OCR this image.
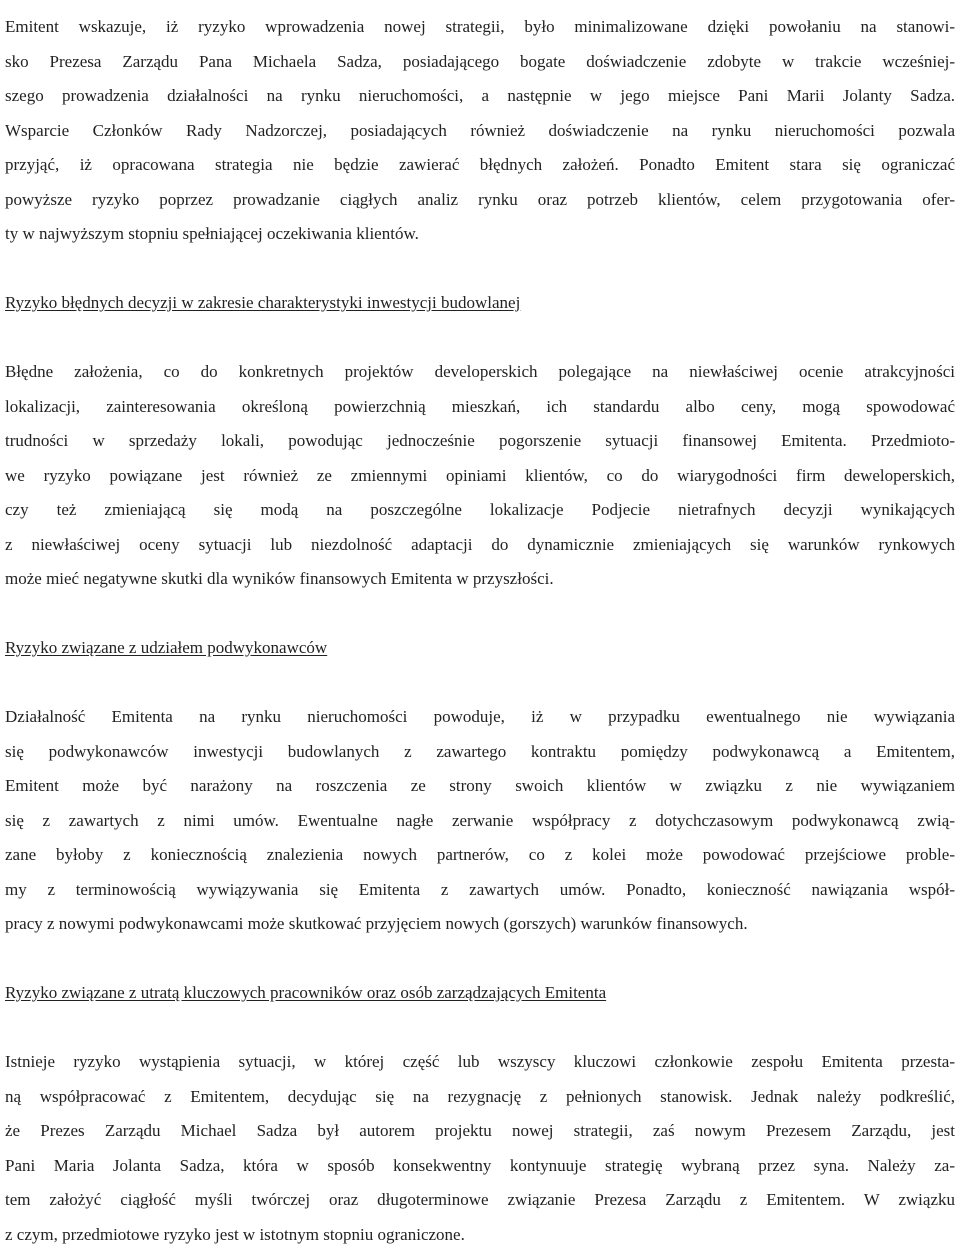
Emitent wskazuje, iż ryzyko wprowadzenia nowej strategii, było minimalizowane dzięki powołaniu na stanowi-
sko Prezesa Zarządu Pana Michaela Sadza, posiadającego bogate doświadczenie zdobyte w trakcie wcześniej-
szego prowadzenia działalności na rynku nieruchomości, a następnie w jego miejsce Pani Marii Jolanty Sadza.
Wsparcie Członków Rady Nadzorczej, posiadających również doświadczenie na rynku nieruchomości pozwala
przyjąć, iż opracowana strategia nie będzie zawierać błędnych założeń. Ponadto Emitent stara się ograniczać
powyższe ryzyko poprzez prowadzanie ciągłych analiz rynku oraz potrzeb klientów, celem przygotowania ofer-
ty w najwyższym stopniu spełniającej oczekiwania klientów.

Ryzyko błędnych decyzji w zakresie charakterystyki inwestycji budowlanej

Błędne założenia, co do konkretnych projektów developerskich polegające na niewłaściwej ocenie atrakcyjności
lokalizacji, zainteresowania określoną powierzchnią mieszkań, ich standardu albo ceny, mogą spowodować
trudności w sprzedaży lokali, powodując jednocześnie pogorszenie sytuacji finansowej Emitenta. Przedmioto-
we ryzyko powiązane jest również ze zmiennymi opiniami klientów, co do wiarygodności firm deweloperskich,
czy też zmieniającą się modą na poszczególne lokalizacje Podjecie nietrafnych decyzji wynikających
z niewłaściwej oceny sytuacji lub niezdolność adaptacji do dynamicznie zmieniających się warunków rynkowych
może mieć negatywne skutki dla wyników finansowych Emitenta w przyszłości.

Ryzyko związane z udziałem podwykonawców

Działalność Emitenta na rynku nieruchomości powoduje, iż w przypadku ewentualnego nie wywiązania
się podwykonawców inwestycji budowlanych z zawartego kontraktu pomiędzy podwykonawcą a Emitentem,
Emitent może być narażony na roszczenia ze strony swoich klientów w związku z nie wywiązaniem
się z zawartych z nimi umów. Ewentualne nagłe zerwanie współpracy z dotychczasowym podwykonawcą zwią-
zane byłoby z koniecznością znalezienia nowych partnerów, co z kolei może powodować przejściowe proble-
my z terminowością wywiązywania się Emitenta z zawartych umów. Ponadto, konieczność nawiązania współ-
pracy z nowymi podwykonawcami może skutkować przyjęciem nowych (gorszych) warunków finansowych.

Ryzyko związane z utratą kluczowych pracowników oraz osób zarządzających Emitenta

Istnieje ryzyko wystąpienia sytuacji, w której część lub wszyscy kluczowi członkowie zespołu Emitenta przesta-
ną współpracować z Emitentem, decydując się na rezygnację z pełnionych stanowisk. Jednak należy podkreślić,
że Prezes Zarządu Michael Sadza był autorem projektu nowej strategii, zaś nowym Prezesem Zarządu, jest
Pani Maria Jolanta Sadza, która w sposób konsekwentny kontynuuje strategię wybraną przez syna. Należy za-
tem założyć ciągłość myśli twórczej oraz długoterminowe związanie Prezesa Zarządu z Emitentem. W związku
z czym, przedmiotowe ryzyko jest w istotnym stopniu ograniczone.
